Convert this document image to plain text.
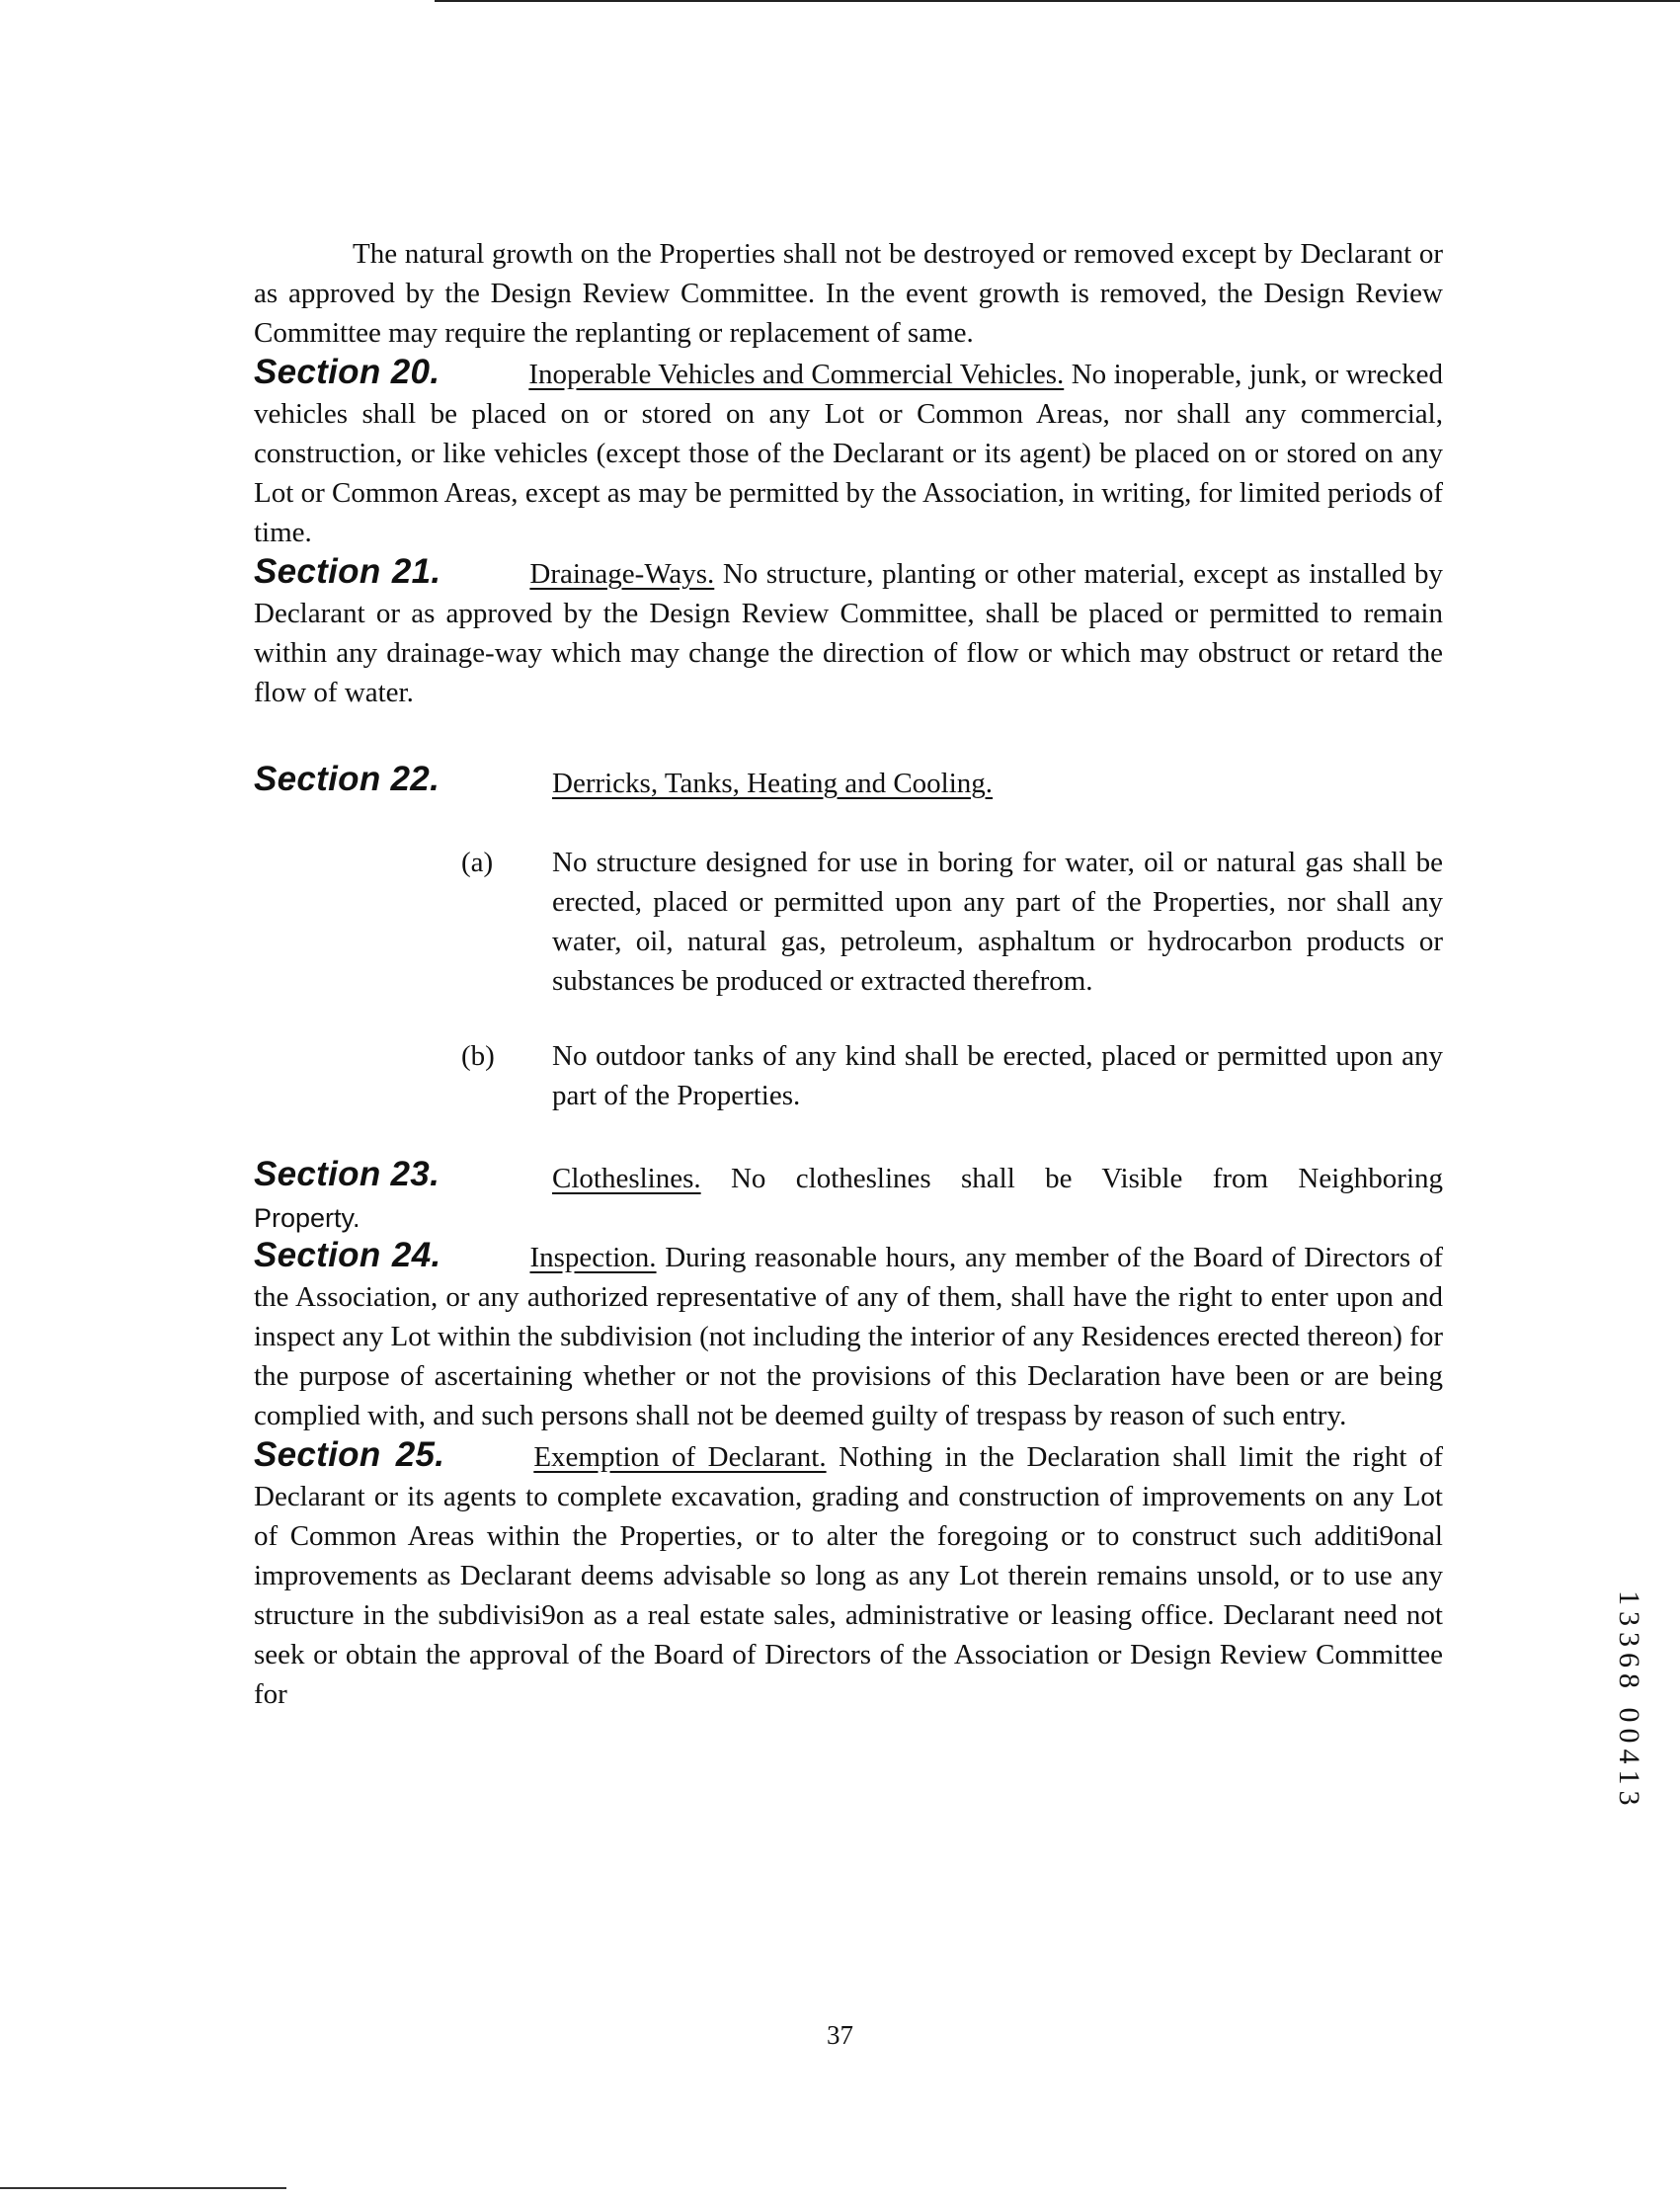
The natural growth on the Properties shall not be destroyed or removed except by Declarant or as approved by the Design Review Committee. In the event growth is removed, the Design Review Committee may require the replanting or replacement of same.

Section 20.	Inoperable Vehicles and Commercial Vehicles. No inoperable, junk, or wrecked vehicles shall be placed on or stored on any Lot or Common Areas, nor shall any commercial, construction, or like vehicles (except those of the Declarant or its agent) be placed on or stored on any Lot or Common Areas, except as may be permitted by the Association, in writing, for limited periods of time.

Section 21.	Drainage-Ways. No structure, planting or other material, except as installed by Declarant or as approved by the Design Review Committee, shall be placed or permitted to remain within any drainage-way which may change the direction of flow or which may obstruct or retard the flow of water.

Section 22.	Derricks, Tanks, Heating and Cooling.
(a) No structure designed for use in boring for water, oil or natural gas shall be erected, placed or permitted upon any part of the Properties, nor shall any water, oil, natural gas, petroleum, asphaltum or hydrocarbon products or substances be produced or extracted therefrom.

(b) No outdoor tanks of any kind shall be erected, placed or permitted upon any part of the Properties.

Section 23.	Clotheslines. No clotheslines shall be Visible from Neighboring
Property.

Section 24.	Inspection. During reasonable hours, any member of the Board of Directors of the Association, or any authorized representative of any of them, shall have the right to enter upon and inspect any Lot within the subdivision (not including the interior of any Residences erected thereon) for the purpose of ascertaining whether or not the provisions of this Declaration have been or are being complied with, and such persons shall not be deemed guilty of trespass by reason of such entry.

Section 25.	Exemption of Declarant. Nothing in the Declaration shall limit the right of Declarant or its agents to complete excavation, grading and construction of improvements on any Lot of Common Areas within the Properties, or to alter the foregoing or to construct such additi9onal improvements as Declarant deems advisable so long as any Lot therein remains unsold, or to use any structure in the subdivisi9on as a real estate sales, administrative or leasing office. Declarant need not seek or obtain the approval of the Board of Directors of the Association or Design Review Committee for

37
13368 00413
